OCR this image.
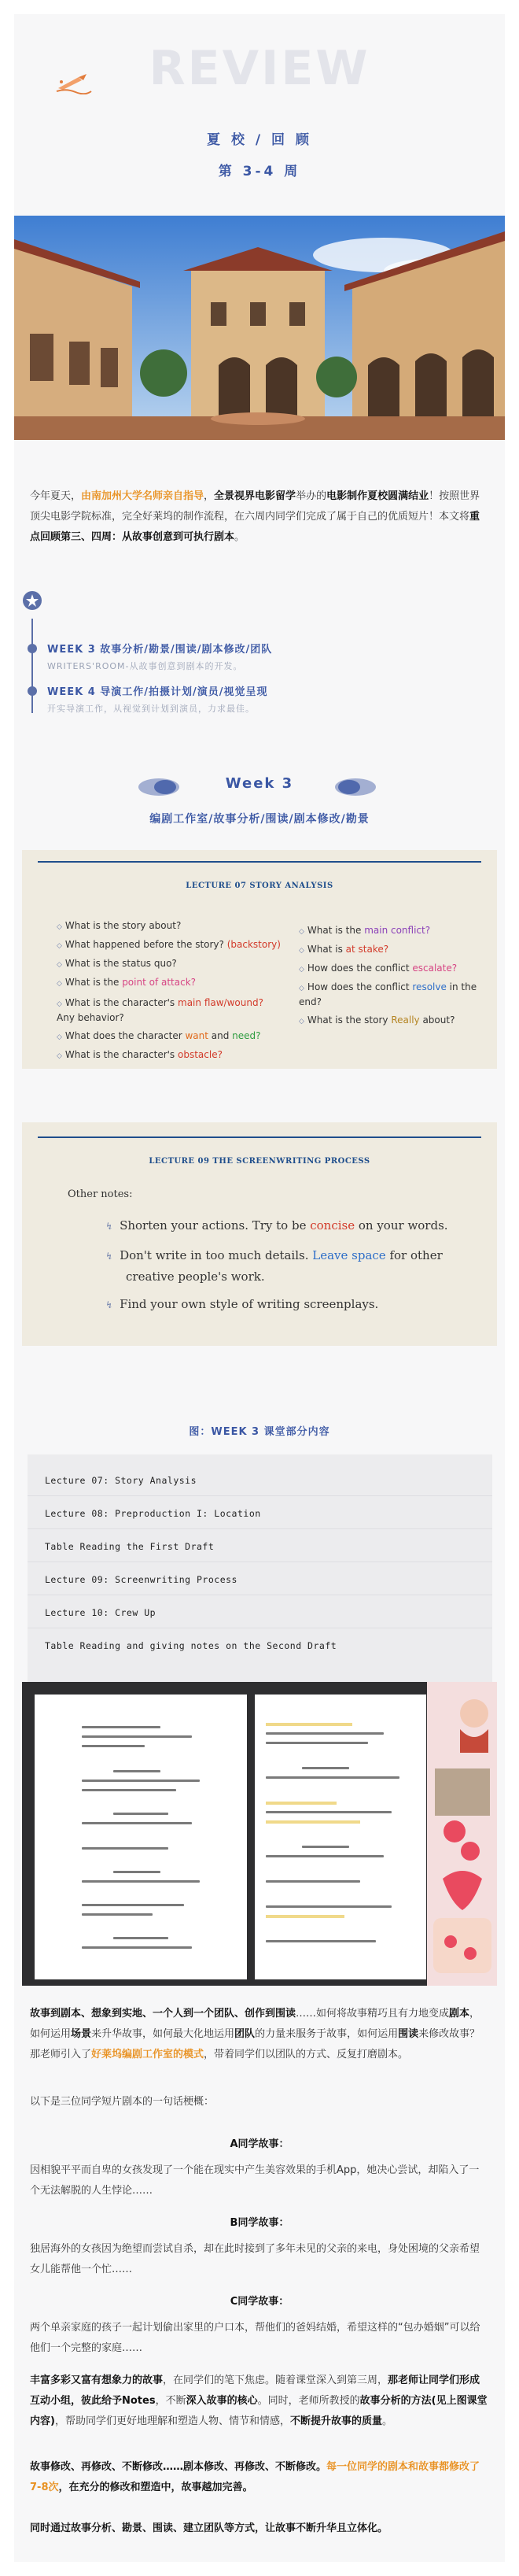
REVIEW
夏 校 / 回 顾
第 3-4 周
今年夏天，由南加州大学名师亲自指导，全景视界电影留学举办的电影制作夏校圆满结业！按照世界顶尖电影学院标准，完全好莱坞的制作流程，在六周内同学们完成了属于自己的优质短片！本文将重点回顾第三、四周：从故事创意到可执行剧本。
WEEK 3 故事分析/勘景/围读/剧本修改/团队
WRITERS'ROOM-从故事创意到剧本的开发。
WEEK 4 导演工作/拍摄计划/演员/视觉呈现
开实导演工作，从视觉到计划到演员，力求最佳。
Week 3
编剧工作室/故事分析/围读/剧本修改/勘景
LECTURE 07 STORY ANALYSIS
◇ What is the story about?
◇ What happened before the story? (backstory)
◇ What is the status quo?
◇ What is the point of attack?
◇ What is the character's main flaw/wound? Any behavior?
◇ What does the character want and need?
◇ What is the character's obstacle?
◇ What is the main conflict?
◇ What is at stake?
◇ How does the conflict escalate?
◇ How does the conflict resolve in the end?
◇ What is the story Really about?
LECTURE 09 THE SCREENWRITING PROCESS
Other notes:
↯ Shorten your actions. Try to be concise on your words.
↯ Don't write in too much details. Leave space for other
creative people's work.
↯ Find your own style of writing screenplays.
图：WEEK 3 课堂部分内容
Lecture 07: Story Analysis
Lecture 08: Preproduction I: Location
Table Reading the First Draft
Lecture 09: Screenwriting Process
Lecture 10: Crew Up
Table Reading and giving notes on the Second Draft
故事到剧本、想象到实地、一个人到一个团队、创作到围读……如何将故事精巧且有力地变成剧本，如何运用场景来升华故事，如何最大化地运用团队的力量来服务于故事，如何运用围读来修改故事？那老师引入了好莱坞编剧工作室的模式，带着同学们以团队的方式、反复打磨剧本。
以下是三位同学短片剧本的一句话梗概：
A同学故事：
因相貌平平而自卑的女孩发现了一个能在现实中产生美容效果的手机App，她决心尝试，却陷入了一个无法解脱的人生悖论……
B同学故事：
独居海外的女孩因为绝望而尝试自杀，却在此时接到了多年未见的父亲的来电，身处困境的父亲希望女儿能帮他一个忙……
C同学故事：
两个单亲家庭的孩子一起计划偷出家里的户口本，帮他们的爸妈结婚，希望这样的“包办婚姻”可以给他们一个完整的家庭……
丰富多彩又富有想象力的故事，在同学们的笔下焦虑。随着课堂深入到第三周，那老师让同学们形成互动小组，彼此给予Notes，不断深入故事的核心。同时，老师所教授的故事分析的方法(见上图课堂内容)，帮助同学们更好地理解和塑造人物、情节和情感，不断提升故事的质量。
故事修改、再修改、不断修改……剧本修改、再修改、不断修改。每一位同学的剧本和故事都修改了7-8次，在充分的修改和塑造中，故事越加完善。
同时通过故事分析、勘景、围读、建立团队等方式，让故事不断升华且立体化。
